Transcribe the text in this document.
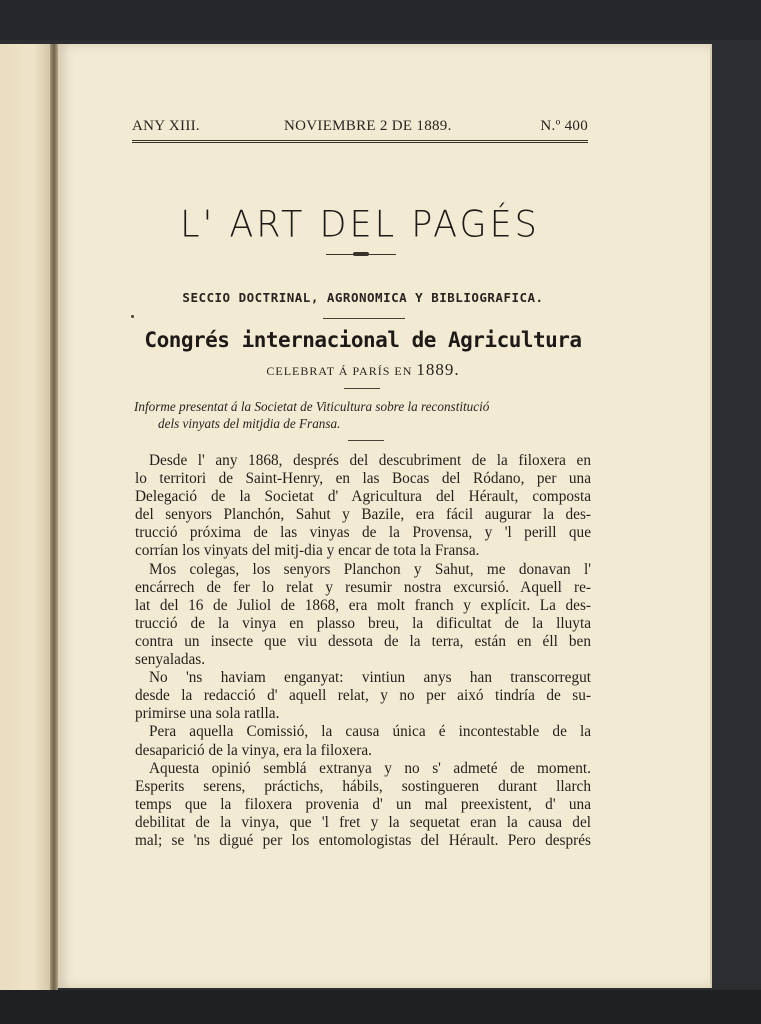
ANY XIII.	NOVIEMBRE 2 DE 1889.	N.º 400
L' ART DEL PAGÉS
SECCIO DOCTRINAL, AGRONOMICA Y BIBLIOGRAFICA.
Congrés internacional de Agricultura
CELEBRAT Á PARÍS EN 1889.
Informe presentat á la Societat de Viticultura sobre la reconstitució
dels vinyats del mitjdia de Fransa.
Desde l' any 1868, després del descubriment de la filoxera en
lo territori de Saint-Henry, en las Bocas del Ródano, per una
Delegació de la Societat d' Agricultura del Hérault, composta
del senyors Planchón, Sahut y Bazile, era fácil augurar la des-
trucció próxima de las vinyas de la Provensa, y 'l perill que
corrían los vinyats del mitj-dia y encar de tota la Fransa.
Mos colegas, los senyors Planchon y Sahut, me donavan l'
encárrech de fer lo relat y resumir nostra excursió. Aquell re-
lat del 16 de Juliol de 1868, era molt franch y explícit. La des-
trucció de la vinya en plasso breu, la dificultat de la lluyta
contra un insecte que viu dessota de la terra, están en éll ben
senyaladas.
No 'ns haviam enganyat: vintiun anys han transcorregut
desde la redacció d' aquell relat, y no per aixó tindría de su-
primirse una sola ratlla.
Pera aquella Comissió, la causa única é incontestable de la
desaparició de la vinya, era la filoxera.
Aquesta opinió semblá extranya y no s' admeté de moment.
Esperits serens, práctichs, hábils, sostingueren durant llarch
temps que la filoxera provenia d' un mal preexistent, d' una
debilitat de la vinya, que 'l fret y la sequetat eran la causa del
mal; se 'ns digué per los entomologistas del Hérault. Pero després
